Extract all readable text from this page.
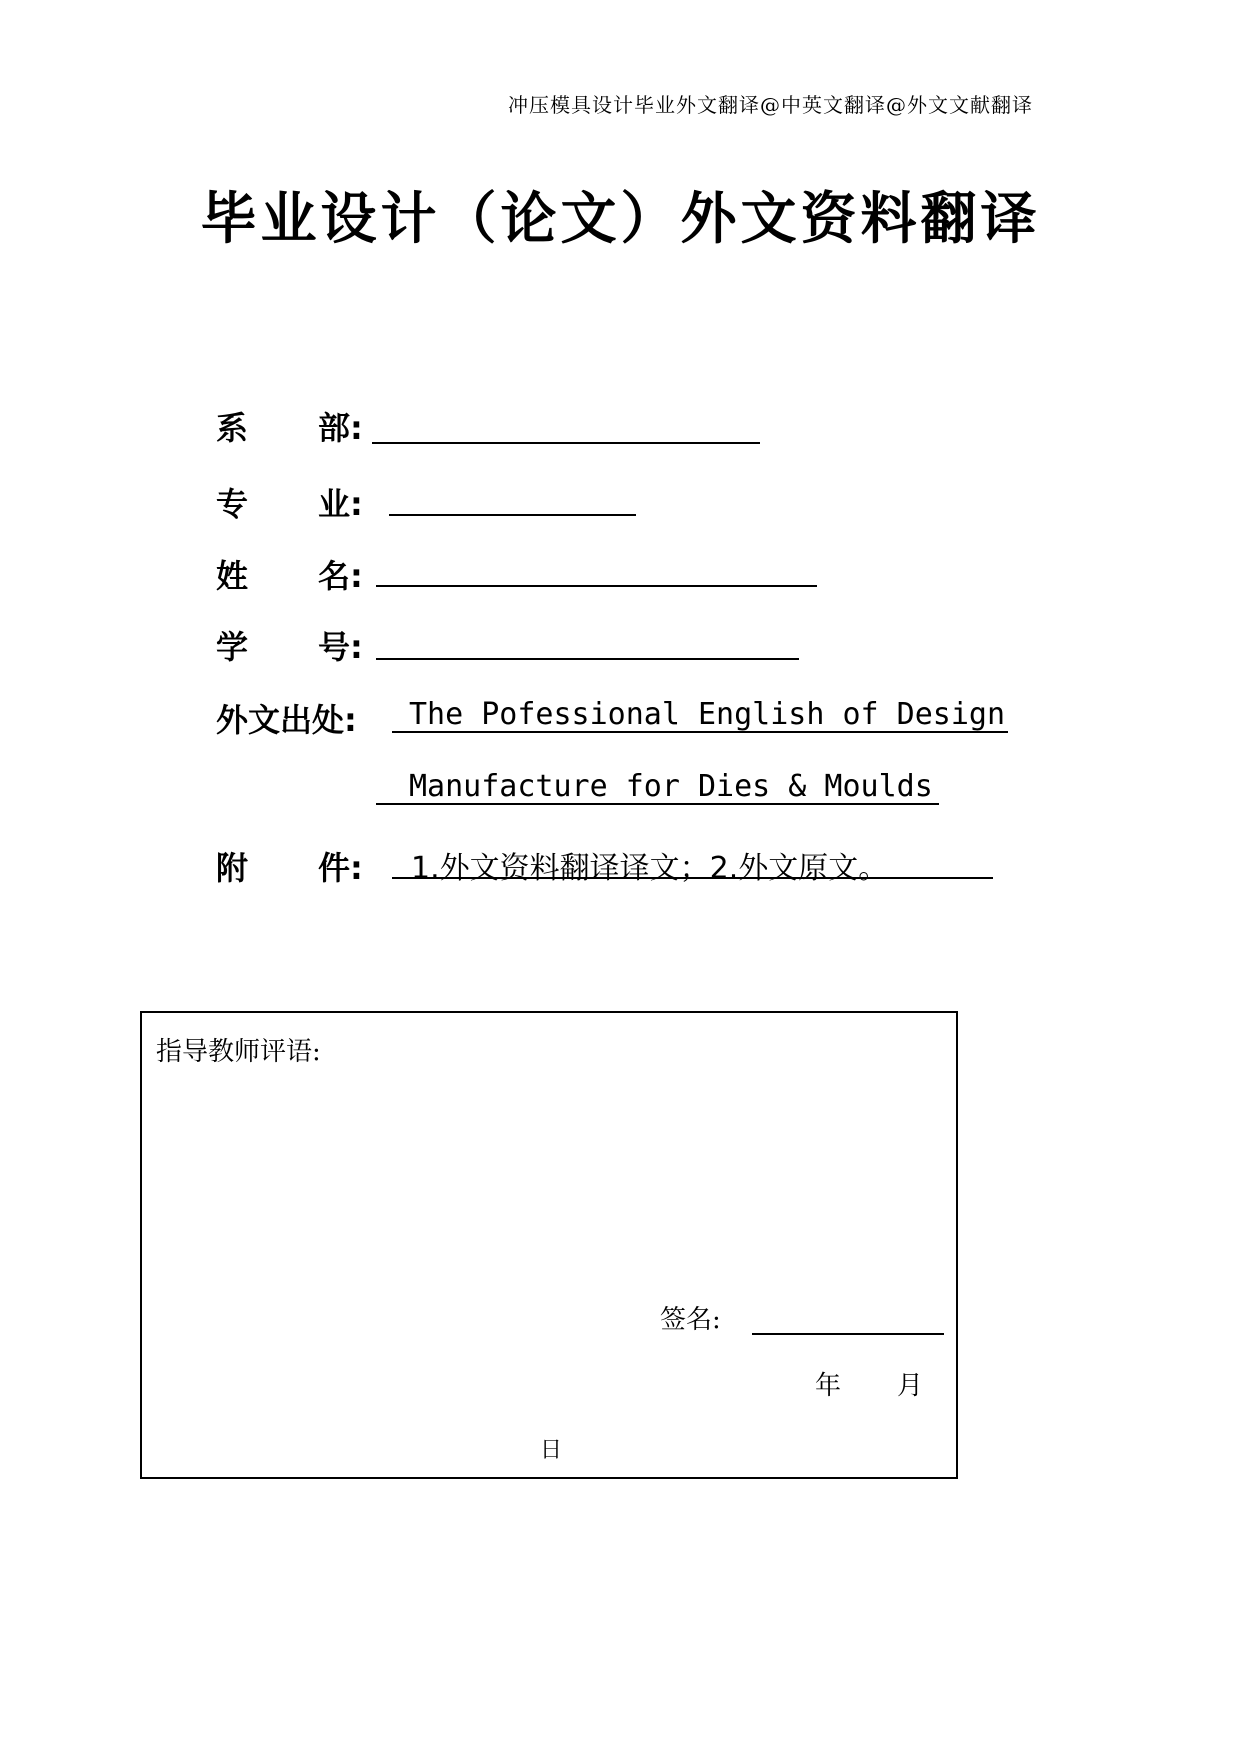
冲压模具设计毕业外文翻译@中英文翻译@外文文献翻译
毕业设计（论文）外文资料翻译
系 部:
专 业:
姓 名:
学 号:
外文出处: The Pofessional English of Design
Manufacture for Dies & Moulds
附 件: 1.外文资料翻译译文；2.外文原文。
指导教师评语:
签名:
年 月
日
